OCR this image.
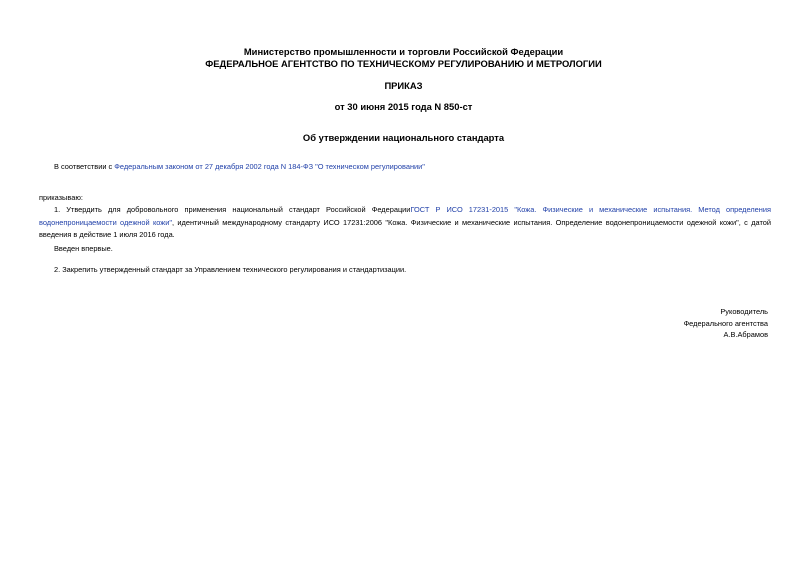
Министерство промышленности и торговли Российской Федерации
ФЕДЕРАЛЬНОЕ АГЕНТСТВО ПО ТЕХНИЧЕСКОМУ РЕГУЛИРОВАНИЮ И МЕТРОЛОГИИ
ПРИКАЗ
от 30 июня 2015 года N 850-ст
Об утверждении национального стандарта
В соответствии с Федеральным законом от 27 декабря 2002 года N 184-ФЗ "О техническом регулировании"
приказываю:
1. Утвердить для добровольного применения национальный стандарт Российской ФедерацииГОСТ Р ИСО 17231-2015 "Кожа. Физические и механические испытания. Метод определения водонепроницаемости одежной кожи", идентичный международному стандарту ИСО 17231:2006 "Кожа. Физические и механические испытания. Определение водонепроницаемости одежной кожи", с датой введения в действие 1 июля 2016 года.
Введен впервые.
2. Закрепить утвержденный стандарт за Управлением технического регулирования и стандартизации.
Руководитель
Федерального агентства
А.В.Абрамов
